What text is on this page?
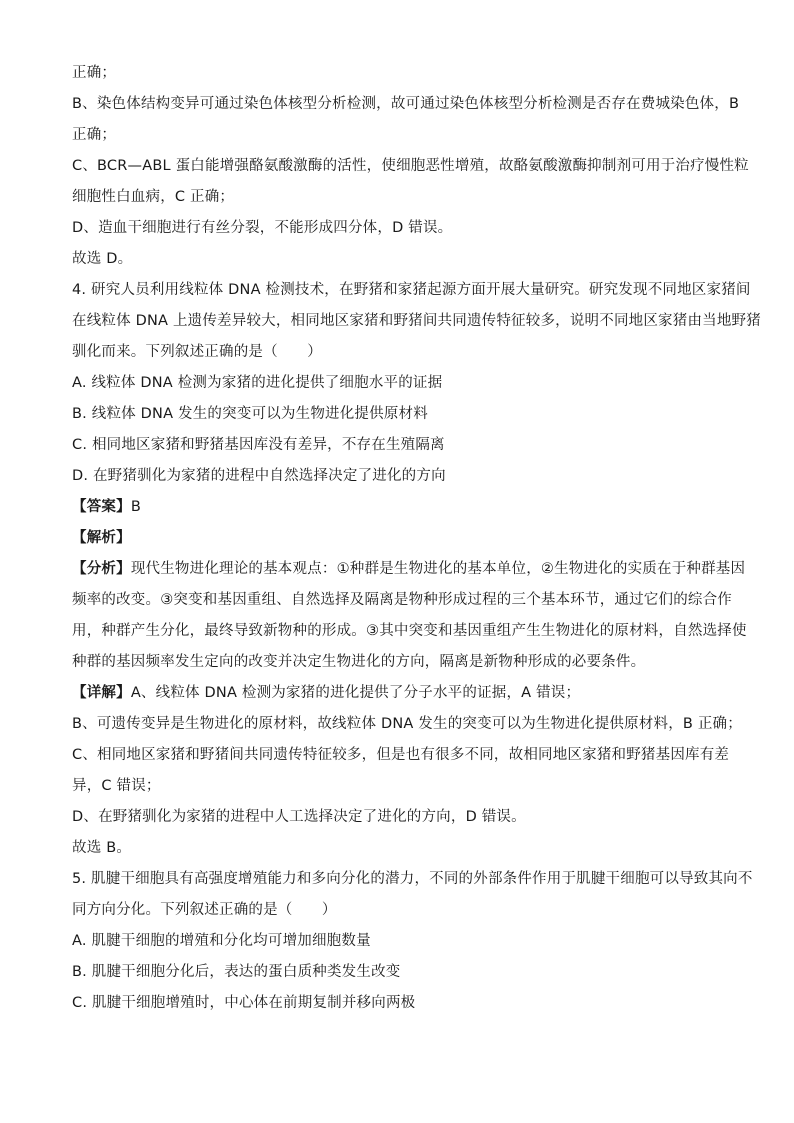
正确；
B、染色体结构变异可通过染色体核型分析检测，故可通过染色体核型分析检测是否存在费城染色体，B
正确；
C、BCR—ABL 蛋白能增强酪氨酸激酶的活性，使细胞恶性增殖，故酪氨酸激酶抑制剂可用于治疗慢性粒
细胞性白血病，C 正确；
D、造血干细胞进行有丝分裂，不能形成四分体，D 错误。
故选 D。
4. 研究人员利用线粒体 DNA 检测技术，在野猪和家猪起源方面开展大量研究。研究发现不同地区家猪间
在线粒体 DNA 上遗传差异较大，相同地区家猪和野猪间共同遗传特征较多，说明不同地区家猪由当地野猪
驯化而来。下列叙述正确的是（　　）
A. 线粒体 DNA 检测为家猪的进化提供了细胞水平的证据
B. 线粒体 DNA 发生的突变可以为生物进化提供原材料
C. 相同地区家猪和野猪基因库没有差异，不存在生殖隔离
D. 在野猪驯化为家猪的进程中自然选择决定了进化的方向
【答案】B
【解析】
【分析】现代生物进化理论的基本观点：①种群是生物进化的基本单位，②生物进化的实质在于种群基因
频率的改变。③突变和基因重组、自然选择及隔离是物种形成过程的三个基本环节，通过它们的综合作
用，种群产生分化，最终导致新物种的形成。③其中突变和基因重组产生生物进化的原材料，自然选择使
种群的基因频率发生定向的改变并决定生物进化的方向，隔离是新物种形成的必要条件。
【详解】A、线粒体 DNA 检测为家猪的进化提供了分子水平的证据，A 错误；
B、可遗传变异是生物进化的原材料，故线粒体 DNA 发生的突变可以为生物进化提供原材料，B 正确；
C、相同地区家猪和野猪间共同遗传特征较多，但是也有很多不同，故相同地区家猪和野猪基因库有差
异，C 错误；
D、在野猪驯化为家猪的进程中人工选择决定了进化的方向，D 错误。
故选 B。
5. 肌腱干细胞具有高强度增殖能力和多向分化的潜力，不同的外部条件作用于肌腱干细胞可以导致其向不
同方向分化。下列叙述正确的是（　　）
A. 肌腱干细胞的增殖和分化均可增加细胞数量
B. 肌腱干细胞分化后，表达的蛋白质种类发生改变
C. 肌腱干细胞增殖时，中心体在前期复制并移向两极
